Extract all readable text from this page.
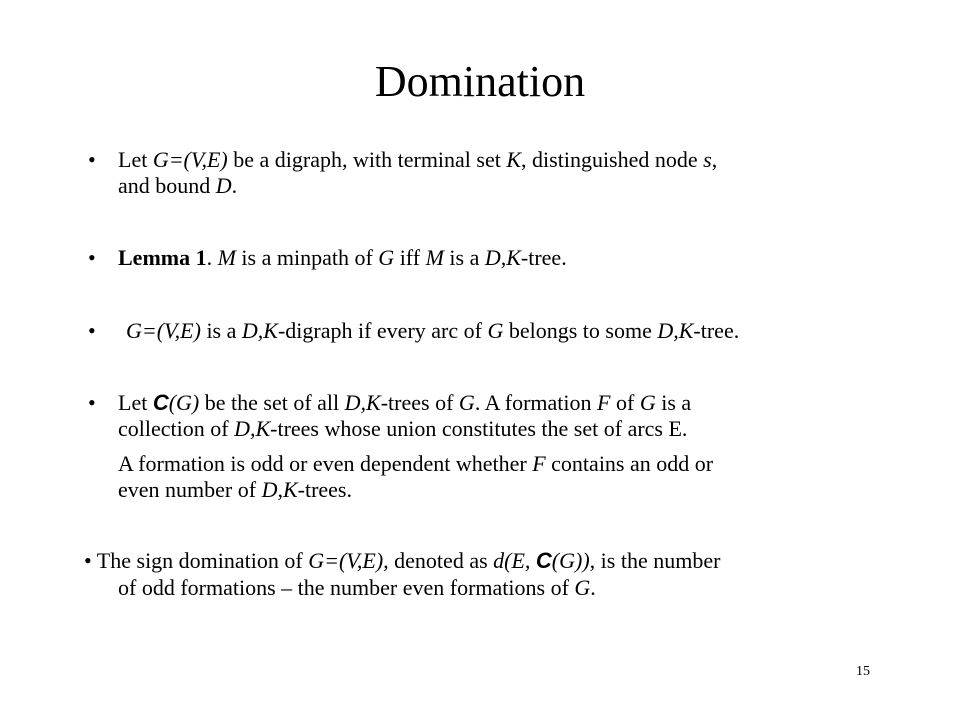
Domination
• Let G=(V,E) be a digraph, with terminal set K, distinguished node s,
and bound D.
• Lemma 1. M is a minpath of G iff M is a D,K-tree.
• G=(V,E) is a D,K-digraph if every arc of G belongs to some D,K-tree.
• Let C(G) be the set of all D,K-trees of G. A formation F of G is a
collection of D,K-trees whose union constitutes the set of arcs E.
A formation is odd or even dependent whether F contains an odd or
even number of D,K-trees.
• The sign domination of G=(V,E), denoted as d(E, C(G)), is the number
of odd formations – the number even formations of G.
15
